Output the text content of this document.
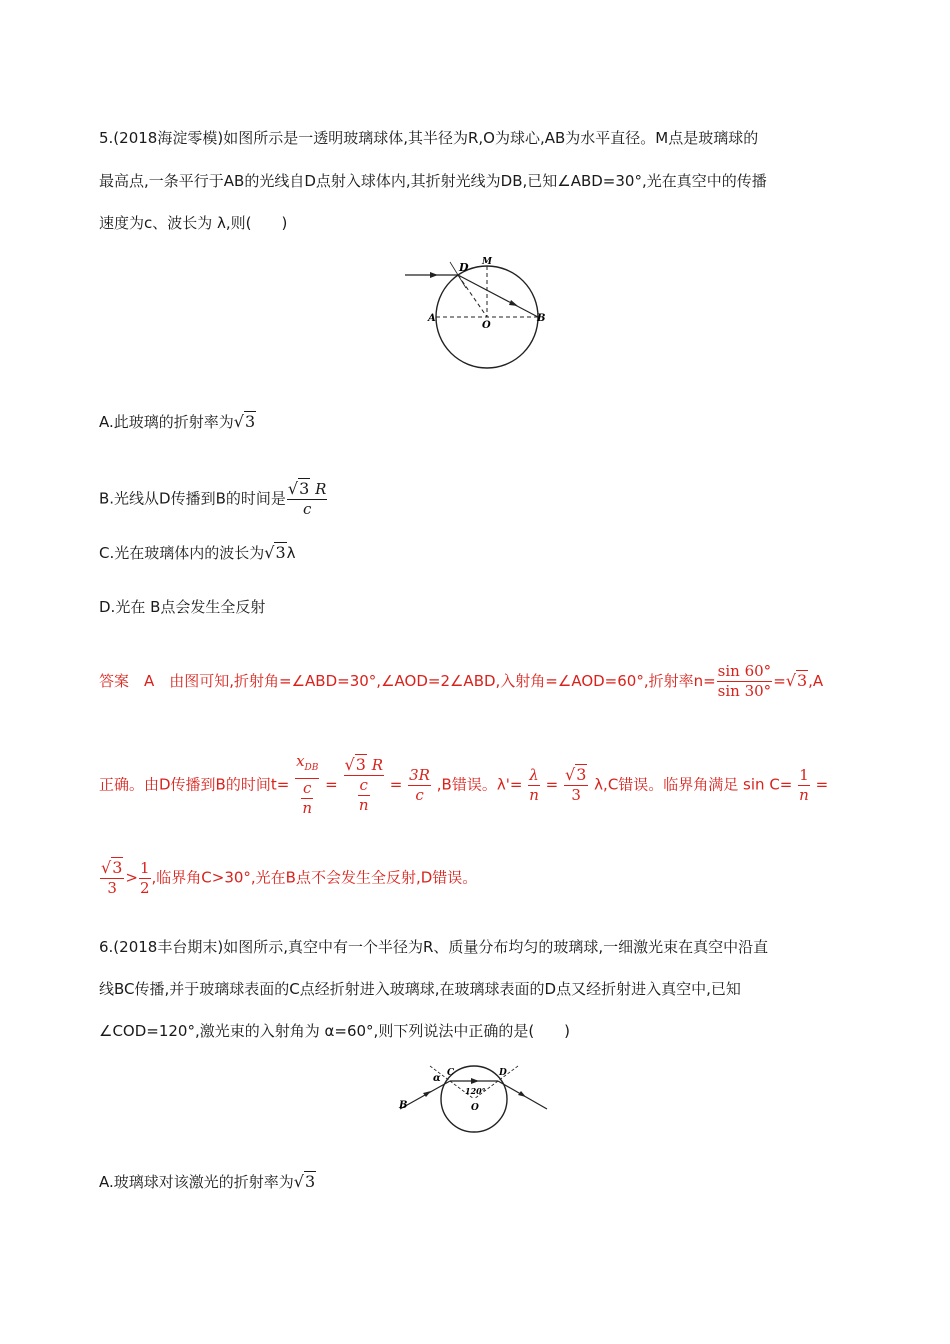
5.(2018海淀零模)如图所示是一透明玻璃球体,其半径为R,O为球心,AB为水平直径。M点是玻璃球的
最高点,一条平行于AB的光线自D点射入球体内,其折射光线为DB,已知∠ABD=30°,光在真空中的传播
速度为c、波长为 λ,则(　　)
D M
A
O
B
A.此玻璃的折射率为√3
B.光线从D传播到B的时间是 $\frac{√3 R}{c}$
C.光在玻璃体内的波长为√3λ
D.光在 B点会发生全反射
答案　A　由图可知,折射角=∠ABD=30°,∠AOD=2∠ABD,入射角=∠AOD=60°,折射率$n= \frac{\sin 60^\circ}{\sin 30^\circ} =√3,A$
正确。由D传播到B的时间$t= \frac{x_{DB}}{\frac{c}{n}} = \frac{√3 R}{\frac{c}{n}} = \frac{3R}{c} ,B$错误。$\lambda'= \frac{\lambda}{n} = \frac{√3}{3} \lambda,C$错误。临界角满足 $\sin C= \frac{1}{n}$ =
$\frac{√3}{3} > \frac{1}{2}$ ,临界角C>30°,光在B点不会发生全反射,D错误。
6.(2018丰台期末)如图所示,真空中有一个半径为R、质量分布均匀的玻璃球,一细激光束在真空中沿直
线BC传播,并于玻璃球表面的C点经折射进入玻璃球,在玻璃球表面的D点又经折射进入真空中,已知
∠COD=120°,激光束的入射角为 α=60°,则下列说法中正确的是(　　)
α C	D
120°
O
B
A.玻璃球对该激光的折射率为√3
